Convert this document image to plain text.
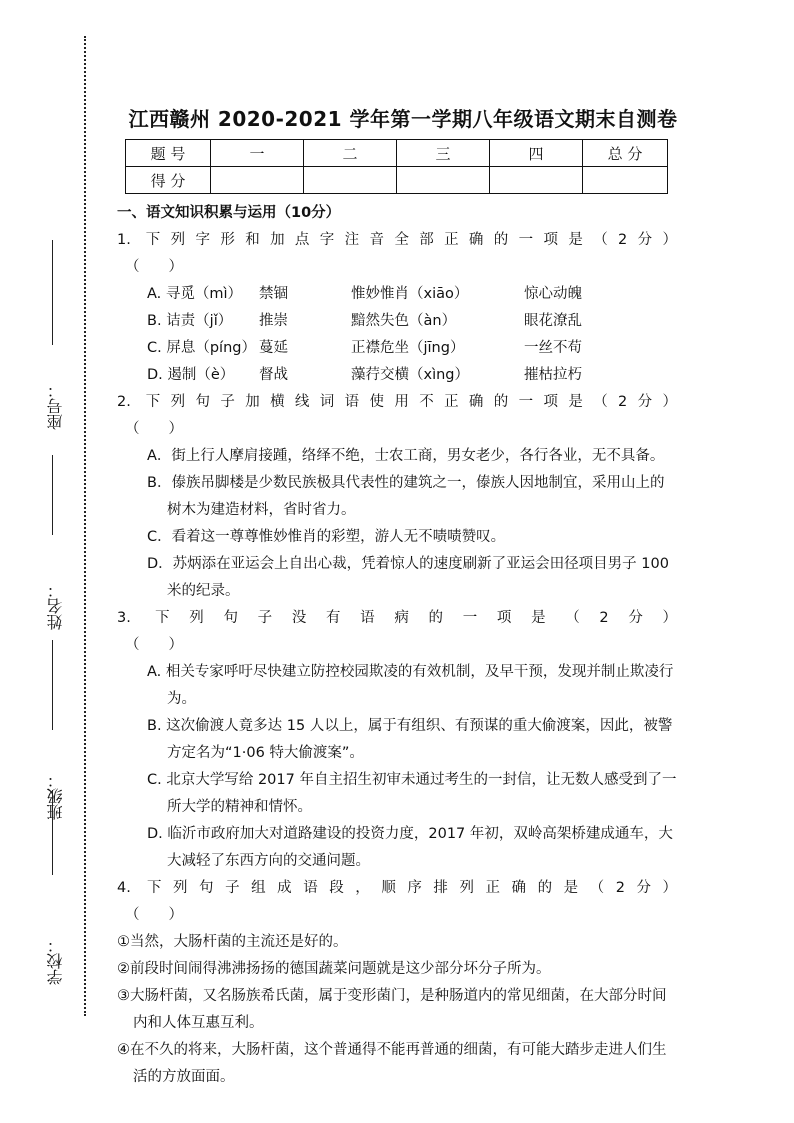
座号：
姓名：
班级：
学校：
江西赣州 2020-2021 学年第一学期八年级语文期末自测卷
题 号	一	二	三	四	总 分
得 分					
一、语文知识积累与运用（10分）
1. 下列字形和加点字注音全部正确的一项是（2分）
（　　）
A. 寻觅（mì）	禁锢	惟妙惟肖（xiāo）	惊心动魄
B. 诘责（jǐ）	推崇	黯然失色（àn）	眼花潦乱
C. 屏息（píng） 蔓延	正襟危坐（jīng）	一丝不苟
D. 遏制（è）	督战	藻荇交横（xìng）	摧枯拉朽
2. 下列句子加横线词语使用不正确的一项是（2分）
（　　）
A．街上行人摩肩接踵，络绎不绝，士农工商，男女老少，各行各业，无不具备。
B．傣族吊脚楼是少数民族极具代表性的建筑之一，傣族人因地制宜，采用山上的树木为建造材料，省时省力。
C．看着这一尊尊惟妙惟肖的彩塑，游人无不啧啧赞叹。
D．苏炳添在亚运会上自出心裁，凭着惊人的速度刷新了亚运会田径项目男子 100 米的纪录。
3. 下列句子没有语病的一项是（2分）
（　　）
A. 相关专家呼吁尽快建立防控校园欺凌的有效机制，及早干预，发现并制止欺凌行为。
B. 这次偷渡人竟多达 15 人以上，属于有组织、有预谋的重大偷渡案，因此，被警方定名为“1·06 特大偷渡案”。
C. 北京大学写给 2017 年自主招生初审未通过考生的一封信，让无数人感受到了一所大学的精神和情怀。
D. 临沂市政府加大对道路建设的投资力度，2017 年初，双岭高架桥建成通车，大大减轻了东西方向的交通问题。
4. 下列句子组成语段，顺序排列正确的是（2分）
（　　）
①当然，大肠杆菌的主流还是好的。
②前段时间闹得沸沸扬扬的德国蔬菜问题就是这少部分坏分子所为。
③大肠杆菌，又名肠族希氏菌，属于变形菌门，是种肠道内的常见细菌，在大部分时间内和人体互惠互利。
④在不久的将来，大肠杆菌，这个普通得不能再普通的细菌，有可能大踏步走进人们生活的方放面面。
